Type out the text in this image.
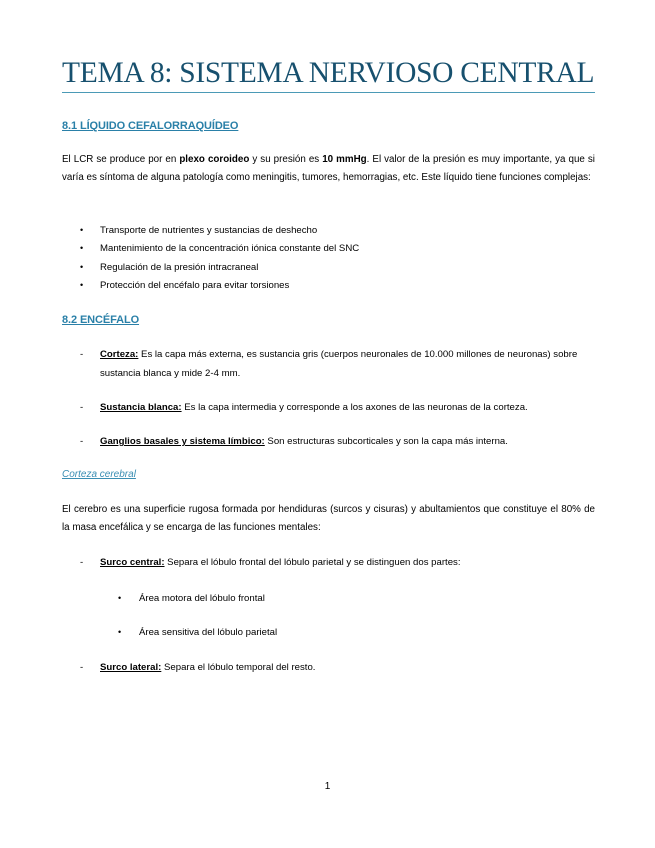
TEMA 8: SISTEMA NERVIOSO CENTRAL
8.1 LÍQUIDO CEFALORRAQUÍDEO
El LCR se produce por en plexo coroideo y su presión es 10 mmHg. El valor de la presión es muy importante, ya que si varía es síntoma de alguna patología como meningitis, tumores, hemorragias, etc. Este líquido tiene funciones complejas:
• Transporte de nutrientes y sustancias de deshecho
• Mantenimiento de la concentración iónica constante del SNC
• Regulación de la presión intracraneal
• Protección del encéfalo para evitar torsiones
8.2 ENCÉFALO
- Corteza: Es la capa más externa, es sustancia gris (cuerpos neuronales de 10.000 millones de neuronas) sobre sustancia blanca y mide 2-4 mm.
- Sustancia blanca: Es la capa intermedia y corresponde a los axones de las neuronas de la corteza.
- Ganglios basales y sistema límbico: Son estructuras subcorticales y son la capa más interna.
Corteza cerebral
El cerebro es una superficie rugosa formada por hendiduras (surcos y cisuras) y abultamientos que constituye el 80% de la masa encefálica y se encarga de las funciones mentales:
- Surco central: Separa el lóbulo frontal del lóbulo parietal y se distinguen dos partes:
• Área motora del lóbulo frontal
• Área sensitiva del lóbulo parietal
- Surco lateral: Separa el lóbulo temporal del resto.
1
